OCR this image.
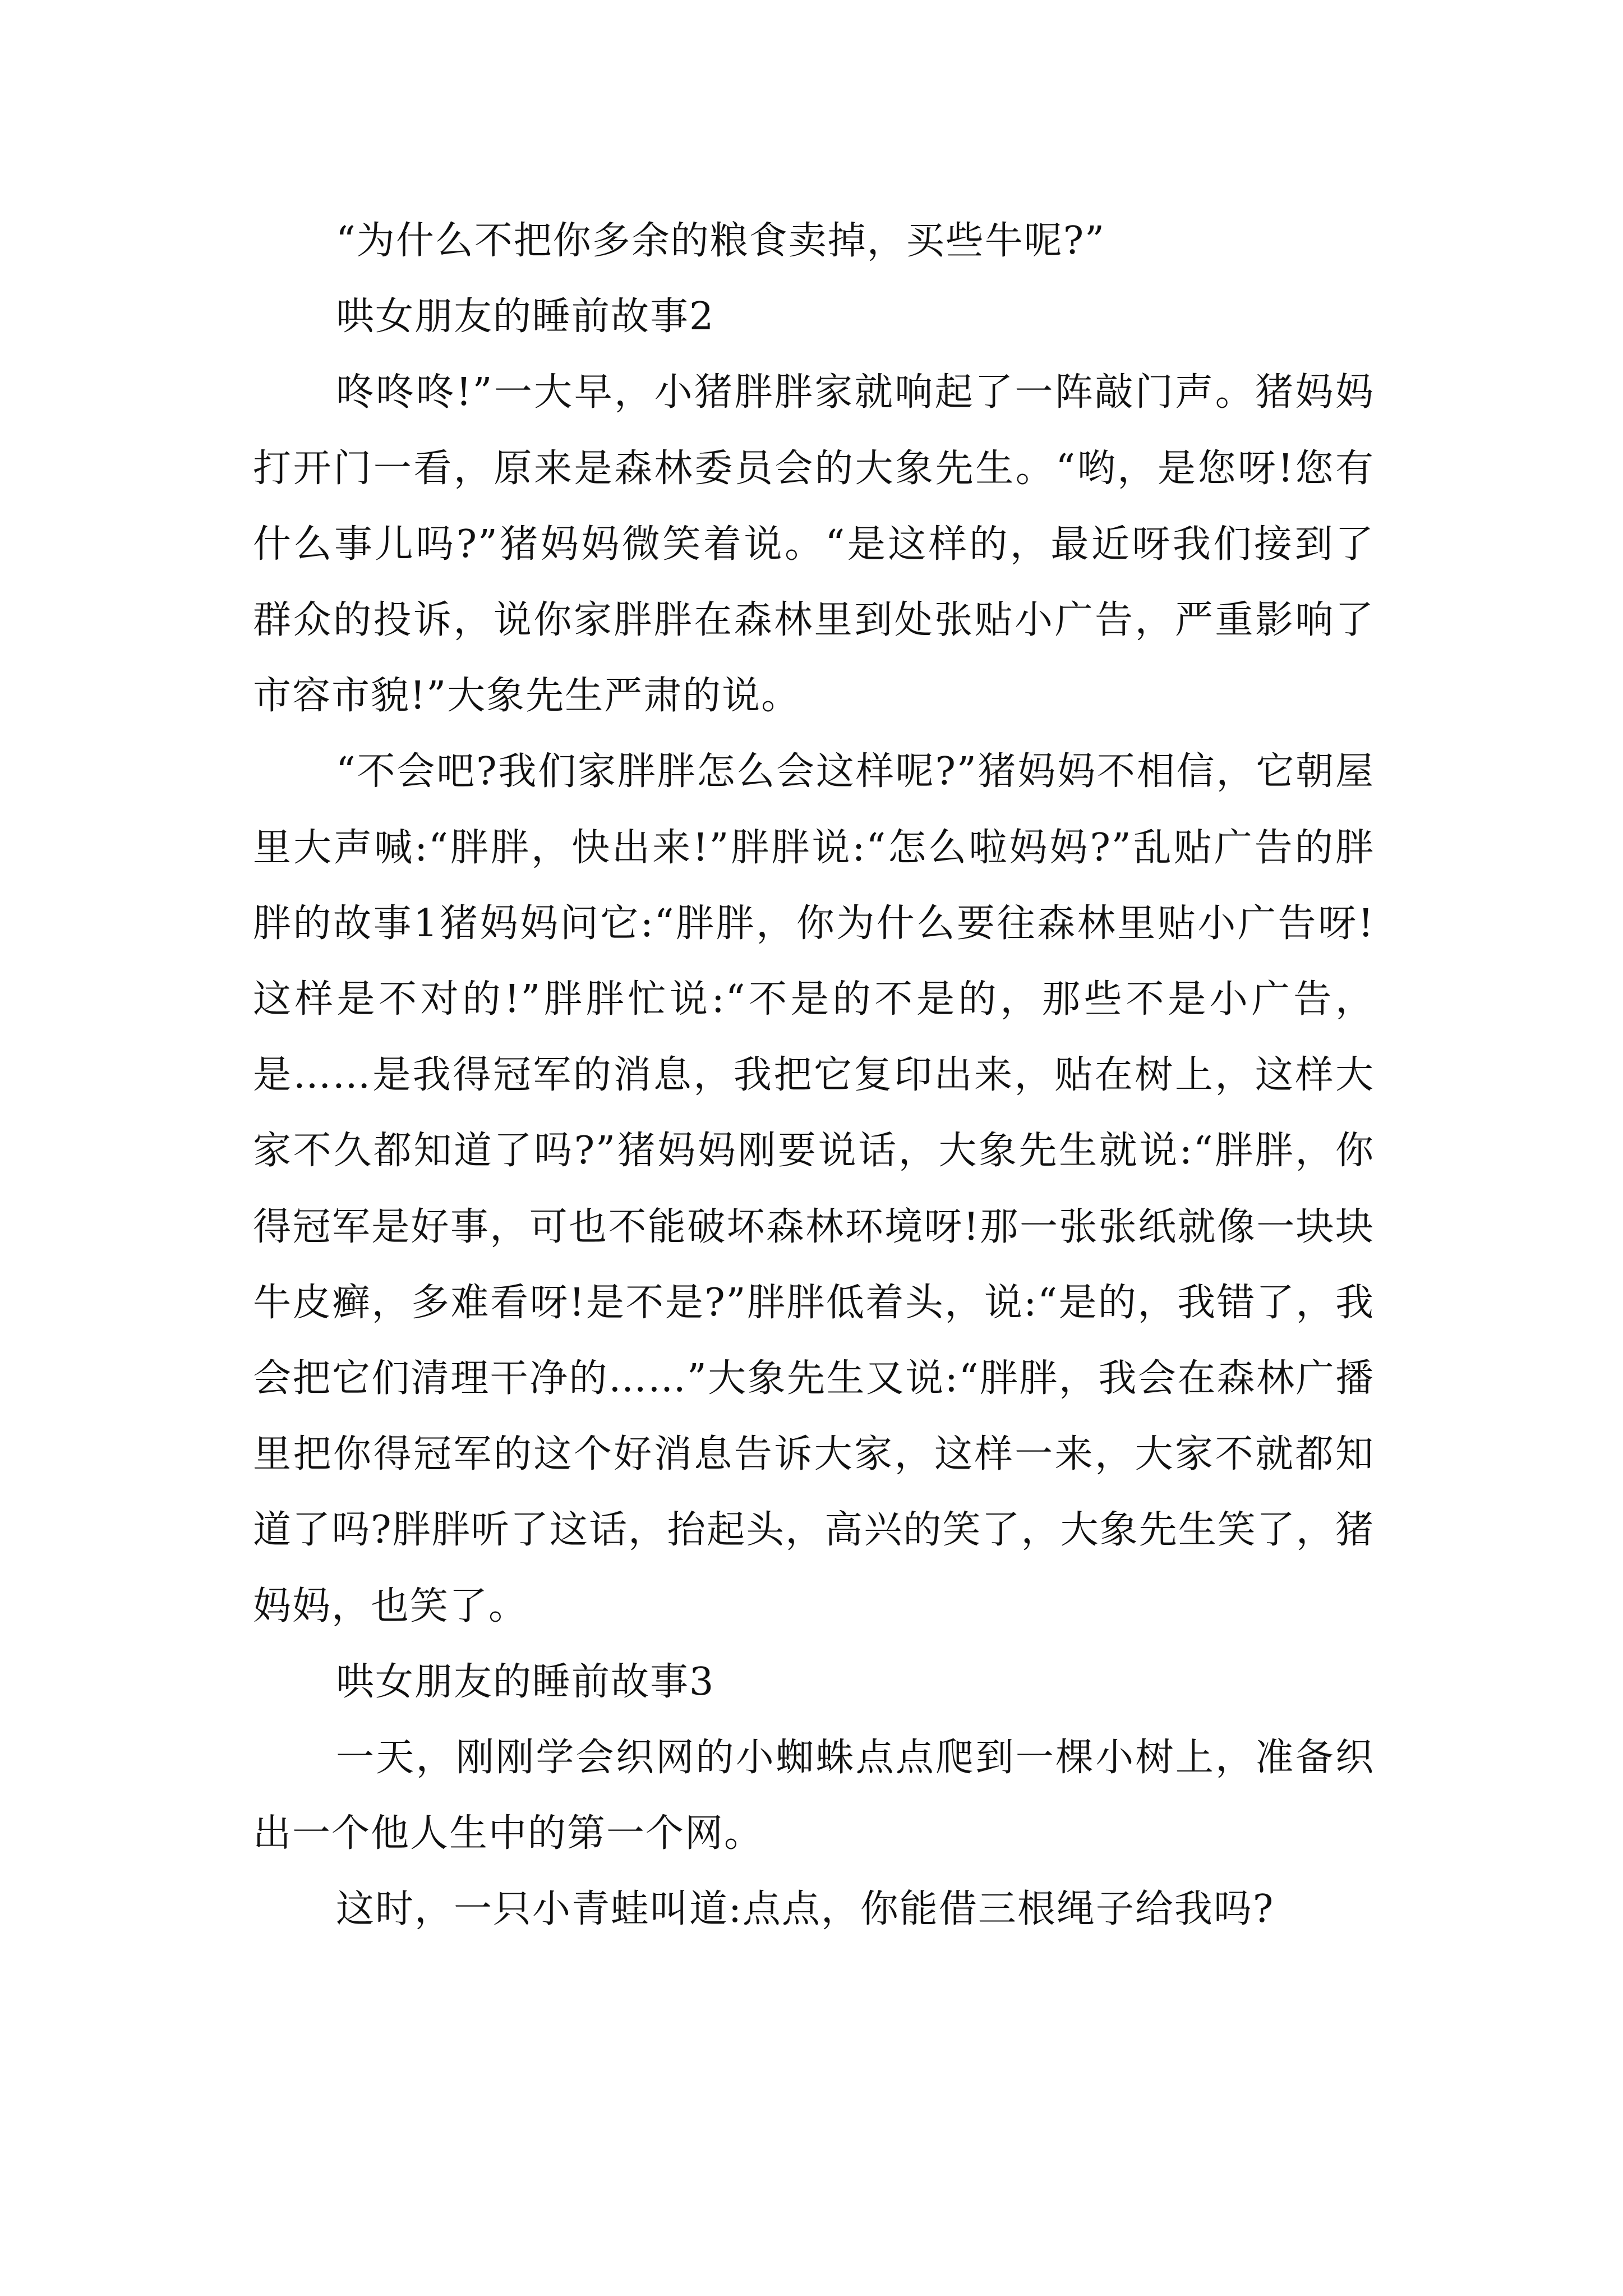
“为什么不把你多余的粮食卖掉，买些牛呢?”

哄女朋友的睡前故事2

咚咚咚!”一大早，小猪胖胖家就响起了一阵敲门声。猪妈妈打开门一看，原来是森林委员会的大象先生。“哟，是您呀!您有什么事儿吗?”猪妈妈微笑着说。“是这样的，最近呀我们接到了群众的投诉，说你家胖胖在森林里到处张贴小广告，严重影响了市容市貌!”大象先生严肃的说。

“不会吧?我们家胖胖怎么会这样呢?”猪妈妈不相信，它朝屋里大声喊:“胖胖，快出来!”胖胖说:“怎么啦妈妈?”乱贴广告的胖胖的故事1猪妈妈问它:“胖胖，你为什么要往森林里贴小广告呀!这样是不对的!”胖胖忙说:“不是的不是的，那些不是小广告，是……是我得冠军的消息，我把它复印出来，贴在树上，这样大家不久都知道了吗?”猪妈妈刚要说话，大象先生就说:“胖胖，你得冠军是好事，可也不能破坏森林环境呀!那一张张纸就像一块块牛皮癣，多难看呀!是不是?”胖胖低着头，说:“是的，我错了，我会把它们清理干净的……”大象先生又说:“胖胖，我会在森林广播里把你得冠军的这个好消息告诉大家，这样一来，大家不就都知道了吗?胖胖听了这话，抬起头，高兴的笑了，大象先生笑了，猪妈妈，也笑了。

哄女朋友的睡前故事3

一天，刚刚学会织网的小蜘蛛点点爬到一棵小树上，准备织出一个他人生中的第一个网。

这时，一只小青蛙叫道:点点，你能借三根绳子给我吗?
